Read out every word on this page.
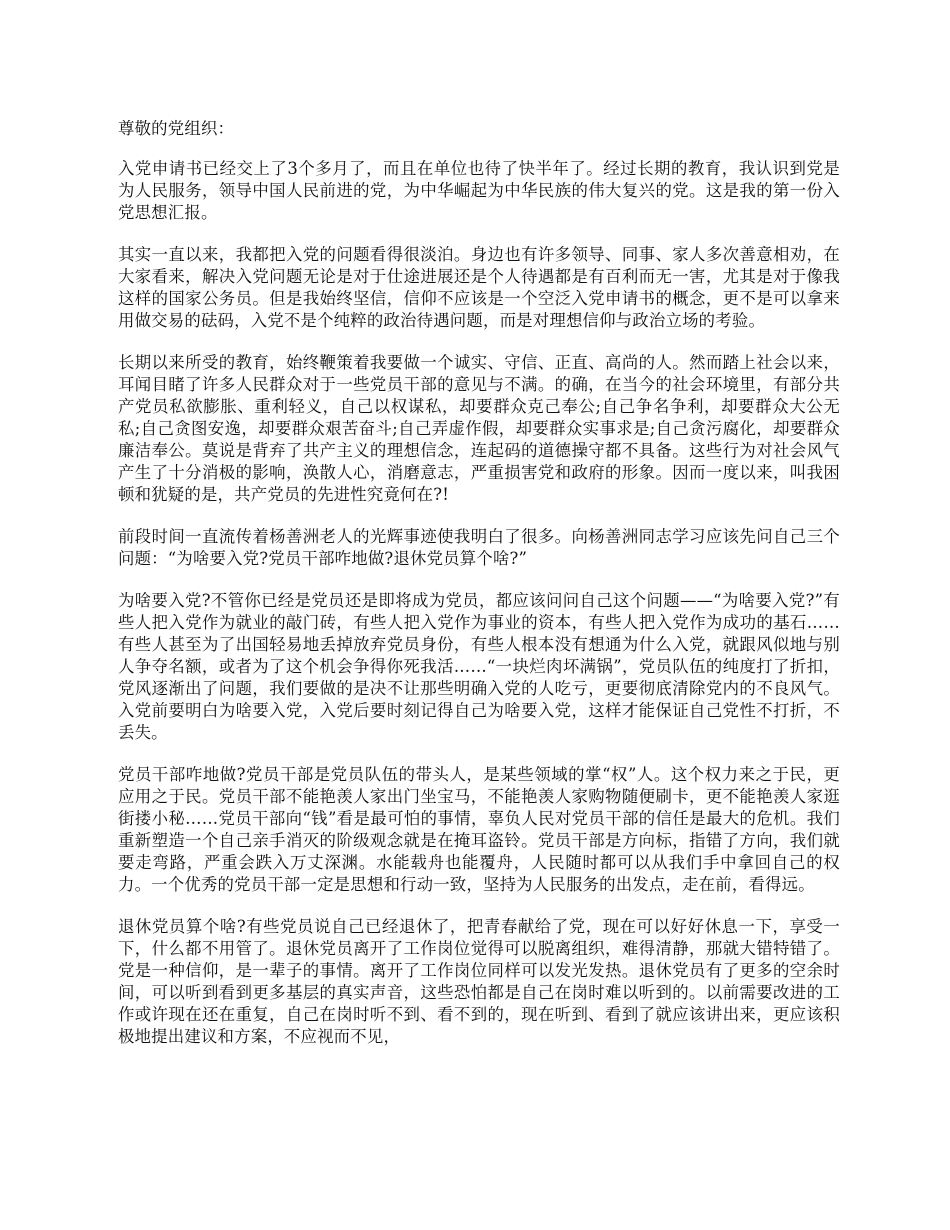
尊敬的党组织：

入党申请书已经交上了3个多月了，而且在单位也待了快半年了。经过长期的教育，我认识到党是为人民服务，领导中国人民前进的党，为中华崛起为中华民族的伟大复兴的党。这是我的第一份入党思想汇报。

其实一直以来，我都把入党的问题看得很淡泊。身边也有许多领导、同事、家人多次善意相劝，在大家看来，解决入党问题无论是对于仕途进展还是个人待遇都是有百利而无一害，尤其是对于像我这样的国家公务员。但是我始终坚信，信仰不应该是一个空泛入党申请书的概念，更不是可以拿来用做交易的砝码，入党不是个纯粹的政治待遇问题，而是对理想信仰与政治立场的考验。

长期以来所受的教育，始终鞭策着我要做一个诚实、守信、正直、高尚的人。然而踏上社会以来，耳闻目睹了许多人民群众对于一些党员干部的意见与不满。的确，在当今的社会环境里，有部分共产党员私欲膨胀、重利轻义，自己以权谋私，却要群众克己奉公;自己争名争利，却要群众大公无私;自己贪图安逸，却要群众艰苦奋斗;自己弄虚作假，却要群众实事求是;自己贪污腐化，却要群众廉洁奉公。莫说是背弃了共产主义的理想信念，连起码的道德操守都不具备。这些行为对社会风气产生了十分消极的影响，涣散人心，消磨意志，严重损害党和政府的形象。因而一度以来，叫我困顿和犹疑的是，共产党员的先进性究竟何在?!

前段时间一直流传着杨善洲老人的光辉事迹使我明白了很多。向杨善洲同志学习应该先问自己三个问题：“为啥要入党?党员干部咋地做?退休党员算个啥?”

为啥要入党?不管你已经是党员还是即将成为党员，都应该问问自己这个问题——“为啥要入党?”有些人把入党作为就业的敲门砖，有些人把入党作为事业的资本，有些人把入党作为成功的基石……有些人甚至为了出国轻易地丢掉放弃党员身份，有些人根本没有想通为什么入党，就跟风似地与别人争夺名额，或者为了这个机会争得你死我活……“一块烂肉坏满锅”，党员队伍的纯度打了折扣，党风逐渐出了问题，我们要做的是决不让那些明确入党的人吃亏，更要彻底清除党内的不良风气。入党前要明白为啥要入党，入党后要时刻记得自己为啥要入党，这样才能保证自己党性不打折，不丢失。

党员干部咋地做?党员干部是党员队伍的带头人，是某些领域的掌“权”人。这个权力来之于民，更应用之于民。党员干部不能艳羡人家出门坐宝马，不能艳羡人家购物随便刷卡，更不能艳羡人家逛街搂小秘……党员干部向“钱”看是最可怕的事情，辜负人民对党员干部的信任是最大的危机。我们重新塑造一个自己亲手消灭的阶级观念就是在掩耳盗铃。党员干部是方向标，指错了方向，我们就要走弯路，严重会跌入万丈深渊。水能载舟也能覆舟，人民随时都可以从我们手中拿回自己的权力。一个优秀的党员干部一定是思想和行动一致，坚持为人民服务的出发点，走在前，看得远。

退休党员算个啥?有些党员说自己已经退休了，把青春献给了党，现在可以好好休息一下，享受一下，什么都不用管了。退休党员离开了工作岗位觉得可以脱离组织，难得清静，那就大错特错了。党是一种信仰，是一辈子的事情。离开了工作岗位同样可以发光发热。退休党员有了更多的空余时间，可以听到看到更多基层的真实声音，这些恐怕都是自己在岗时难以听到的。以前需要改进的工作或许现在还在重复，自己在岗时听不到、看不到的，现在听到、看到了就应该讲出来，更应该积极地提出建议和方案，不应视而不见，
